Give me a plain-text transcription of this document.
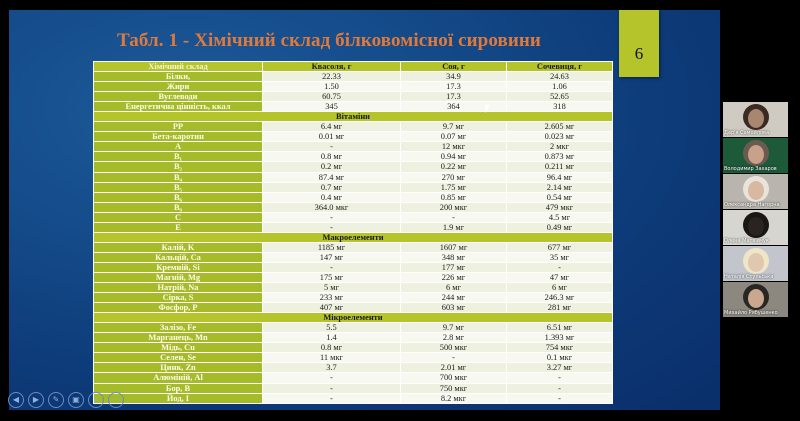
Табл. 1 - Хімічний склад білковомісної сировини
6
Хімічний склад	Квасоля, г	Соя, г	Сочевиця, г
Білки,	22.33	34.9	24.63
Жири	1.50	17.3	1.06
Вуглеводи	60.75	17.3	52.65
Енергетична цінність, ккал	345	364	318
Вітаміни			
PP	6.4 мг	9.7 мг	2.605 мг
Бета-каротин	0.01 мг	0.07 мг	0.023 мг
A	-	12 мкг	2 мкг
B₁	0.8 мг	0.94 мг	0.873 мг
B₂	0.2 мг	0.22 мг	0.211 мг
B₄	87.4 мг	270 мг	96.4 мг
B₅	0.7 мг	1.75 мг	2.14 мг
B₆	0.4 мг	0.85 мг	0.54 мг
B₉	364.0 мкг	200 мкг	479 мкг
C	-	-	4.5 мг
E	-	1.9 мг	0.49 мг
Макроелементи			
Калій, K	1185 мг	1607 мг	677 мг
Кальцій, Ca	147 мг	348 мг	35 мг
Кремній, Si	-	177 мг	-
Магній, Mg	175 мг	226 мг	47 мг
Натрій, Na	5 мг	6 мг	6 мг
Сірка, S	233 мг	244 мг	246.3 мг
Фосфор, P	407 мг	603 мг	281 мг
Мікроелементи			
Залізо, Fe	5.5	9.7 мг	6.51 мг
Марганець, Mn	1.4	2.8 мг	1.393 мг
Мідь, Cu	0.8 мг	500 мкг	754 мкг
Селен, Se	11 мкг	-	0.1 мкг
Цинк, Zn	3.7	2.01 мг	3.27 мг
Алюміній, Al	-	700 мкг	-
Бор, B	-	750 мкг	-
Йод, I	-	8.2 мкг	-
◀	▶	✎	▣	⌕	···
Дар'я Самойлова
Володимир Захаров
Олександра Нагорна
Олена Матвійчук
Наталія Стульська
Михайло Рябушенко
